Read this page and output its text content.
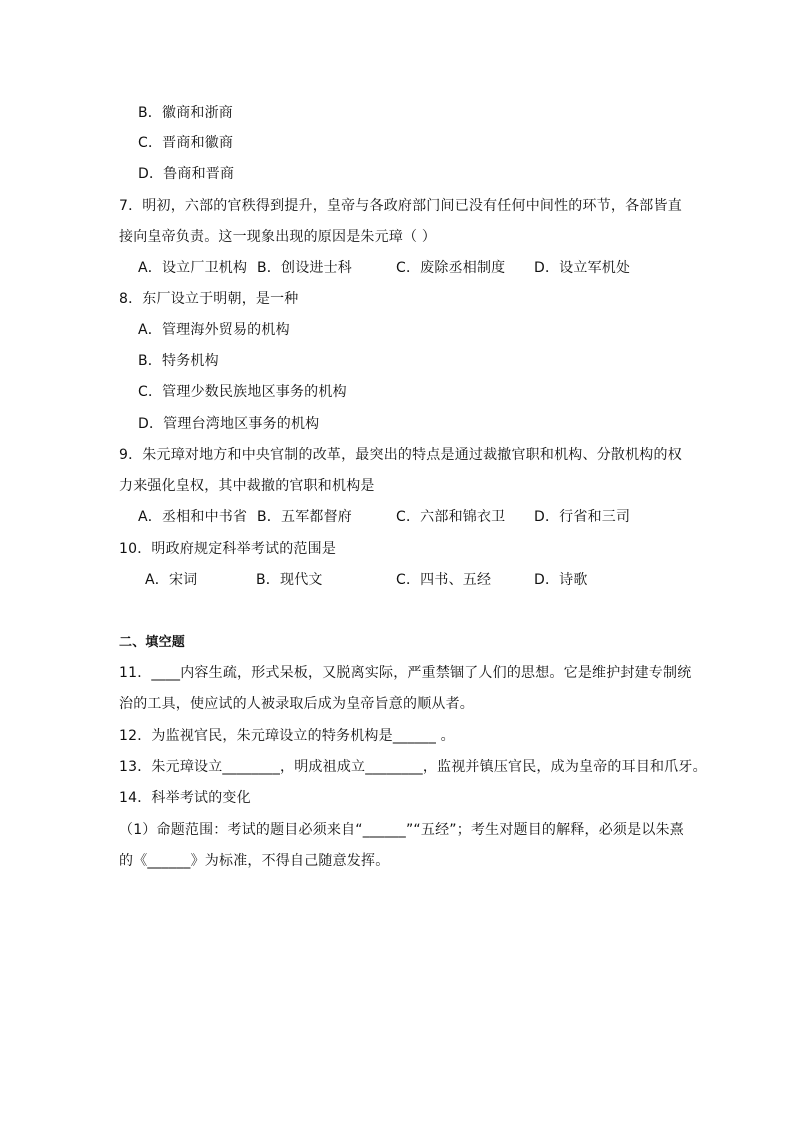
B．徽商和浙商
C．晋商和徽商
D．鲁商和晋商
7．明初，六部的官秩得到提升，皇帝与各政府部门间已没有任何中间性的环节，各部皆直
接向皇帝负责。这一现象出现的原因是朱元璋（ ）
A．设立厂卫机构 B．创设进士科	C．废除丞相制度 D．设立军机处
8．东厂设立于明朝，是一种
A．管理海外贸易的机构
B．特务机构
C．管理少数民族地区事务的机构
D．管理台湾地区事务的机构
9．朱元璋对地方和中央官制的改革，最突出的特点是通过裁撤官职和机构、分散机构的权
力来强化皇权，其中裁撤的官职和机构是
A．丞相和中书省 B．五军都督府	C．六部和锦衣卫 D．行省和三司
10．明政府规定科举考试的范围是
A．宋词	B．现代文	C．四书、五经	D．诗歌
二、填空题
11．____内容生疏，形式呆板，又脱离实际，严重禁锢了人们的思想。它是维护封建专制统
治的工具，使应试的人被录取后成为皇帝旨意的顺从者。
12．为监视官民，朱元璋设立的特务机构是______ 。
13．朱元璋设立________，明成祖成立________，监视并镇压官民，成为皇帝的耳目和爪牙。
14．科举考试的变化
（1）命题范围：考试的题目必须来自“______”“五经”；考生对题目的解释，必须是以朱熹
的《______》为标准，不得自己随意发挥。
